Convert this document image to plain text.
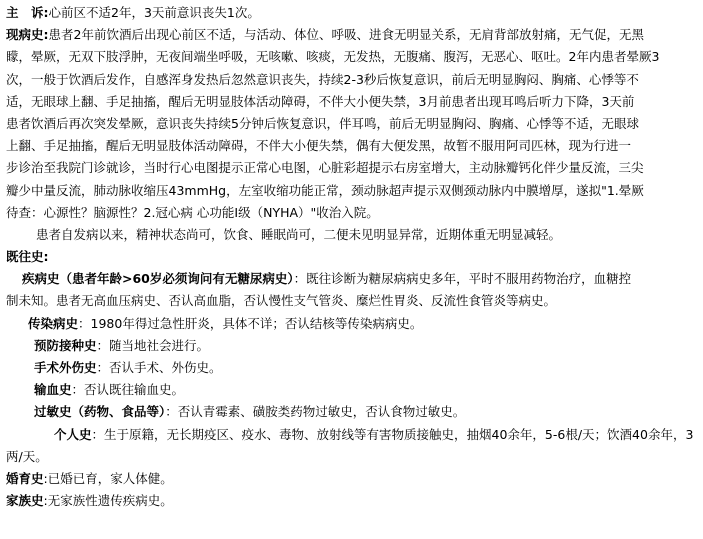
主　诉:心前区不适2年，3天前意识丧失1次。
现病史:患者2年前饮酒后出现心前区不适，与活动、体位、呼吸、进食无明显关系，无肩背部放射痛，无气促，无黑
矇，晕厥，无双下肢浮肿，无夜间端坐呼吸，无咳嗽、咳痰，无发热，无腹痛、腹泻，无恶心、呕吐。2年内患者晕厥3
次，一般于饮酒后发作，自感浑身发热后忽然意识丧失，持续2-3秒后恢复意识，前后无明显胸闷、胸痛、心悸等不
适，无眼球上翻、手足抽搐，醒后无明显肢体活动障碍，不伴大小便失禁，3月前患者出现耳鸣后听力下降，3天前
患者饮酒后再次突发晕厥，意识丧失持续5分钟后恢复意识，伴耳鸣，前后无明显胸闷、胸痛、心悸等不适，无眼球
上翻、手足抽搐，醒后无明显肢体活动障碍，不伴大小便失禁，偶有大便发黑，故暂不服用阿司匹林，现为行进一
步诊治至我院门诊就诊，当时行心电图提示正常心电图，心脏彩超提示右房室增大，主动脉瓣钙化伴少量反流，三尖
瓣少中量反流，肺动脉收缩压43mmHg，左室收缩功能正常，颈动脉超声提示双侧颈动脉内中膜增厚，遂拟"1.晕厥
待查：心源性？脑源性？2.冠心病 心功能I级（NYHA）"收治入院。
患者自发病以来，精神状态尚可，饮食、睡眠尚可，二便未见明显异常，近期体重无明显减轻。
既往史:
疾病史（患者年龄>60岁必须询问有无糖尿病史）：既往诊断为糖尿病病史多年，平时不服用药物治疗，血糖控
制未知。患者无高血压病史、否认高血脂，否认慢性支气管炎、糜烂性胃炎、反流性食管炎等病史。
传染病史：1980年得过急性肝炎，具体不详；否认结核等传染病病史。
预防接种史：随当地社会进行。
手术外伤史：否认手术、外伤史。
输血史：否认既往输血史。
过敏史（药物、食品等）：否认青霉素、磺胺类药物过敏史，否认食物过敏史。
个人史：生于原籍，无长期疫区、疫水、毒物、放射线等有害物质接触史，抽烟40余年，5-6根/天；饮酒40余年，3
两/天。
婚育史:已婚已育，家人体健。
家族史:无家族性遗传疾病史。
